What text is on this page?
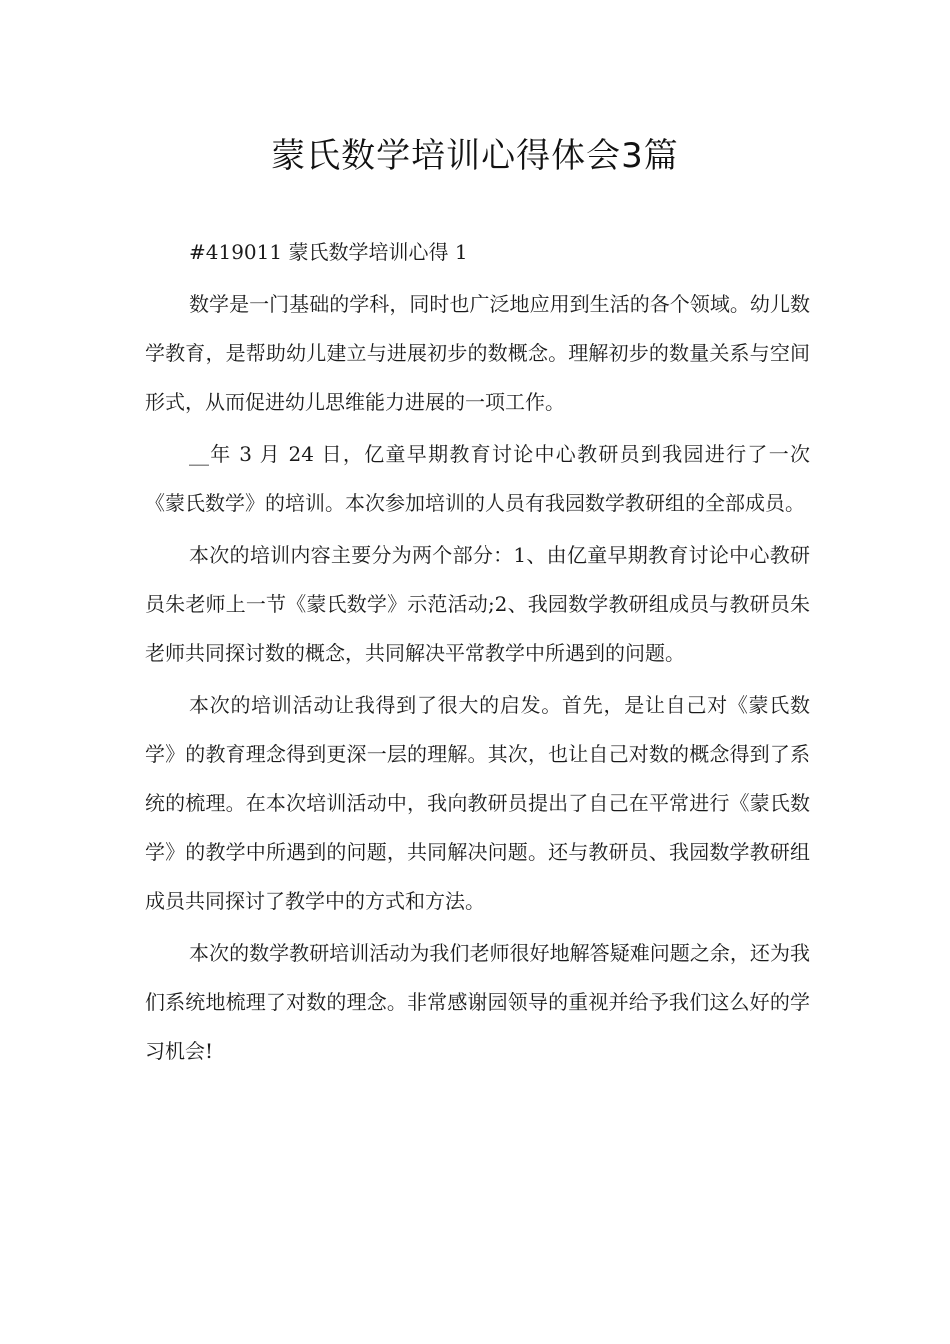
蒙氏数学培训心得体会3篇

#419011 蒙氏数学培训心得 1

数学是一门基础的学科，同时也广泛地应用到生活的各个领域。幼儿数学教育，是帮助幼儿建立与进展初步的数概念。理解初步的数量关系与空间形式，从而促进幼儿思维能力进展的一项工作。

__年 3 月 24 日，亿童早期教育讨论中心教研员到我园进行了一次《蒙氏数学》的培训。本次参加培训的人员有我园数学教研组的全部成员。

本次的培训内容主要分为两个部分：1、由亿童早期教育讨论中心教研员朱老师上一节《蒙氏数学》示范活动;2、我园数学教研组成员与教研员朱老师共同探讨数的概念，共同解决平常教学中所遇到的问题。

本次的培训活动让我得到了很大的启发。首先，是让自己对《蒙氏数学》的教育理念得到更深一层的理解。其次，也让自己对数的概念得到了系统的梳理。在本次培训活动中，我向教研员提出了自己在平常进行《蒙氏数学》的教学中所遇到的问题，共同解决问题。还与教研员、我园数学教研组成员共同探讨了教学中的方式和方法。

本次的数学教研培训活动为我们老师很好地解答疑难问题之余，还为我们系统地梳理了对数的理念。非常感谢园领导的重视并给予我们这么好的学习机会!
